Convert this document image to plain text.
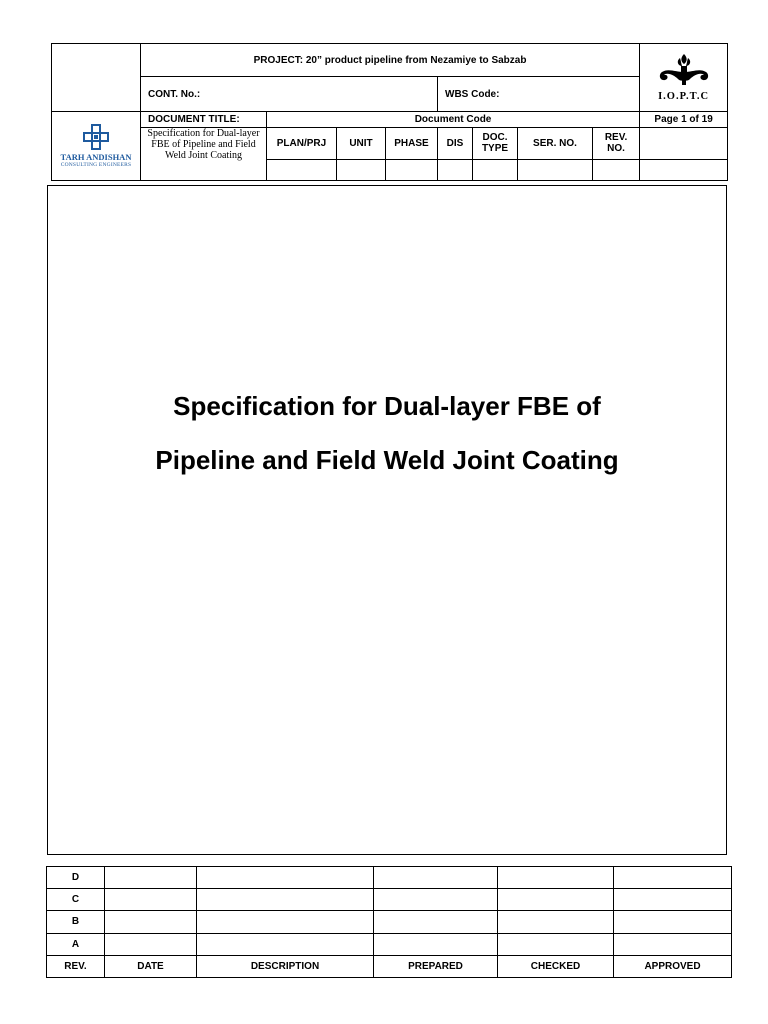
	PROJECT: 20” product pipeline from Nezamiye to Sabzab								I.O.P.T.C

	CONT. No.:				WBS Code:				

TARH ANDISHAN
CONSULTING ENGINEERS	DOCUMENT TITLE:	Document Code							Page 1 of 19
	Specification for Dual-layer FBE of Pipeline and Field Weld Joint Coating	PLAN/PRJ	UNIT	PHASE	DIS	DOC. TYPE	SER. NO.	REV. NO.	

Specification for Dual-layer FBE of
Pipeline and Field Weld Joint Coating
D					
C					
B					
A					
REV.	DATE	DESCRIPTION	PREPARED	CHECKED	APPROVED
